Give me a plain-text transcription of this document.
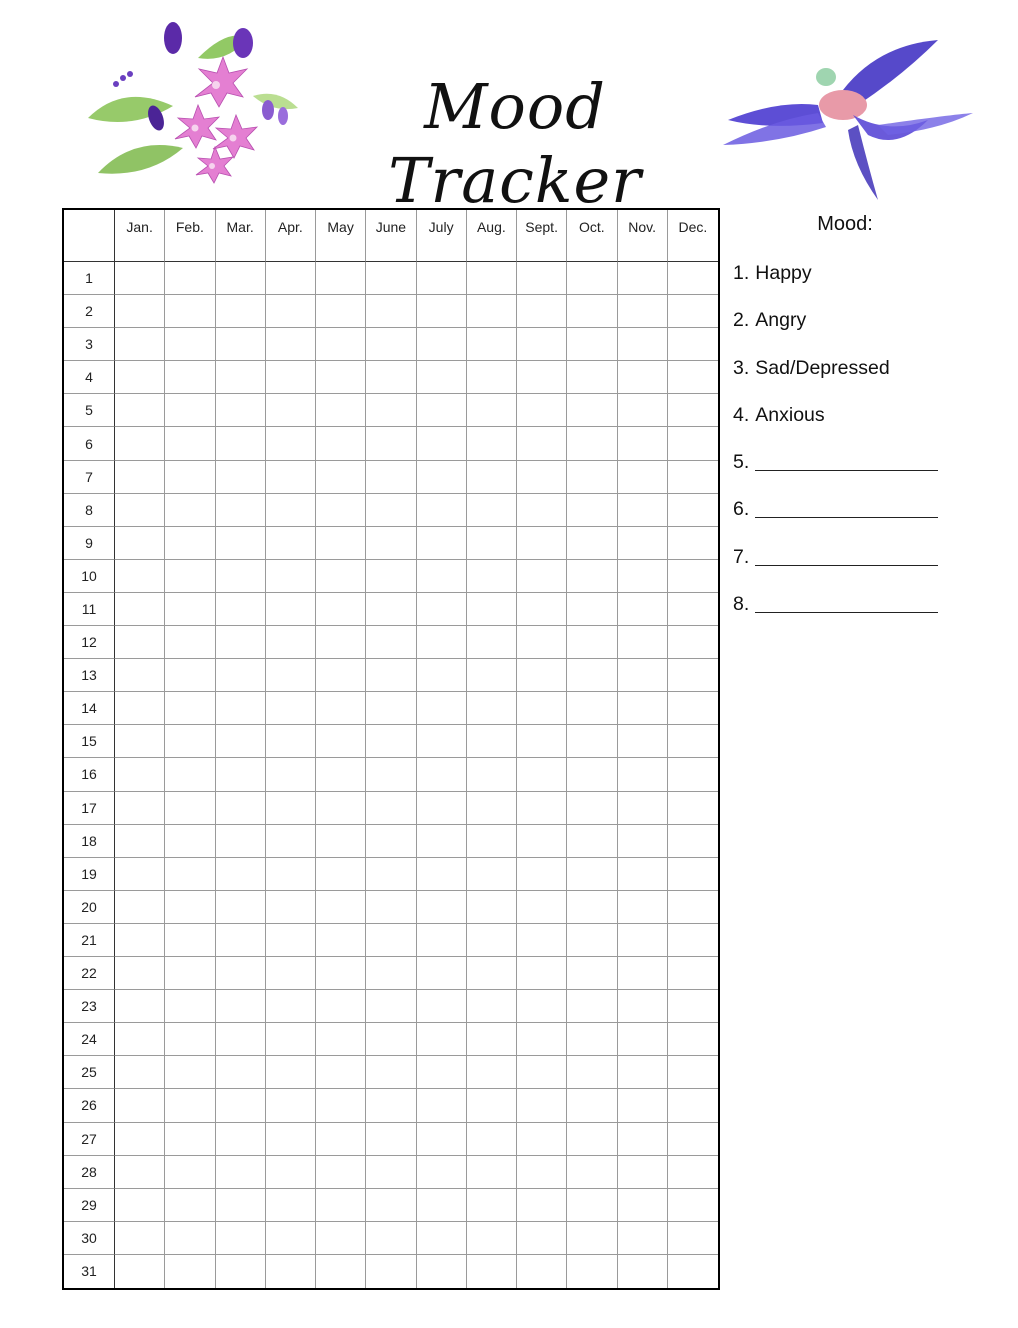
Mood Tracker
Jan.	Feb.	Mar.	Apr.	May	June	July	Aug.	Sept.	Oct.	Nov.	Dec.
1
2
3
4
5
6
7
8
9
10
11
12
13
14
15
16
17
18
19
20
21
22
23
24
25
26
27
28
29
30
31
Mood:
1. Happy
2. Angry
3. Sad/Depressed
4. Anxious
5.
6.
7.
8.
